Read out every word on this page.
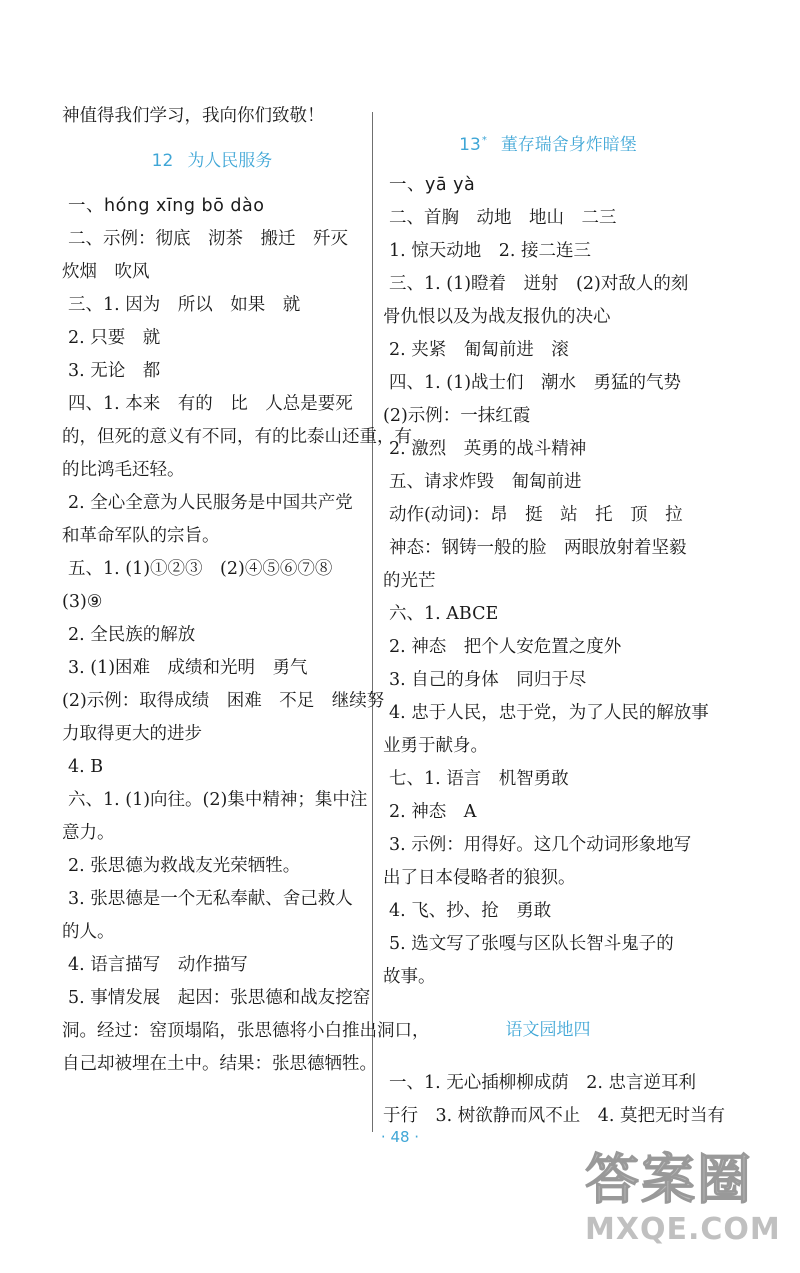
神值得我们学习，我向你们致敬！
12 为人民服务
一、hóng xīng bō dào
二、示例：彻底　沏茶　搬迁　歼灭
炊烟　吹风
三、1. 因为　所以　如果　就
2. 只要　就
3. 无论　都
四、1. 本来　有的　比　人总是要死
的，但死的意义有不同，有的比泰山还重，有
的比鸿毛还轻。
2. 全心全意为人民服务是中国共产党
和革命军队的宗旨。
五、1. (1)①②③　(2)④⑤⑥⑦⑧
(3)⑨
2. 全民族的解放
3. (1)困难　成绩和光明　勇气
(2)示例：取得成绩　困难　不足　继续努
力取得更大的进步
4. B
六、1. (1)向往。(2)集中精神；集中注
意力。
2. 张思德为救战友光荣牺牲。
3. 张思德是一个无私奉献、舍己救人
的人。
4. 语言描写　动作描写
5. 事情发展　起因：张思德和战友挖窑
洞。经过：窑顶塌陷，张思德将小白推出洞口，
自己却被埋在土中。结果：张思德牺牲。
13* 董存瑞舍身炸暗堡
一、yā yà
二、首胸　动地　地山　二三
1. 惊天动地　2. 接二连三
三、1. (1)瞪着　迸射　(2)对敌人的刻
骨仇恨以及为战友报仇的决心
2. 夹紧　匍匐前进　滚
四、1. (1)战士们　潮水　勇猛的气势
(2)示例：一抹红霞
2. 激烈　英勇的战斗精神
五、请求炸毁　匍匐前进
动作(动词)：昂　挺　站　托　顶　拉
神态：钢铸一般的脸　两眼放射着坚毅
的光芒
六、1. ABCE
2. 神态　把个人安危置之度外
3. 自己的身体　同归于尽
4. 忠于人民，忠于党，为了人民的解放事
业勇于献身。
七、1. 语言　机智勇敢
2. 神态　A
3. 示例：用得好。这几个动词形象地写
出了日本侵略者的狼狈。
4. 飞、抄、抢　勇敢
5. 选文写了张嘎与区队长智斗鬼子的
故事。
语文园地四
一、1. 无心插柳柳成荫　2. 忠言逆耳利
于行　3. 树欲静而风不止　4. 莫把无时当有
· 48 ·
答案圈
MXQE.COM
